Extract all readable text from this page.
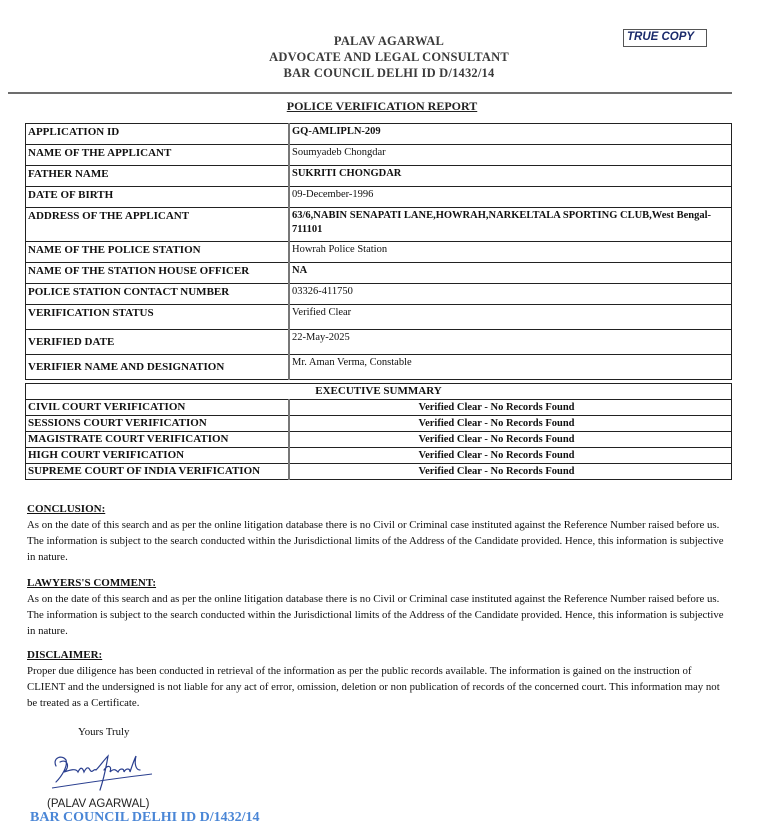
PALAV AGARWAL
ADVOCATE AND LEGAL CONSULTANT
BAR COUNCIL DELHI ID D/1432/14
TRUE COPY
POLICE VERIFICATION REPORT
APPLICATION ID	GQ-AMLIPLN-209
NAME OF THE APPLICANT	Soumyadeb Chongdar
FATHER NAME	SUKRITI CHONGDAR
DATE OF BIRTH	09-December-1996
ADDRESS OF THE APPLICANT	63/6,NABIN SENAPATI LANE,HOWRAH,NARKELTALA SPORTING CLUB,West Bengal-711101
NAME OF THE POLICE STATION	Howrah Police Station
NAME OF THE STATION HOUSE OFFICER	NA
POLICE STATION CONTACT NUMBER	03326-411750
VERIFICATION STATUS	Verified Clear
VERIFIED DATE	22-May-2025
VERIFIER NAME AND DESIGNATION	Mr. Aman Verma, Constable
EXECUTIVE SUMMARY	
CIVIL COURT VERIFICATION	Verified Clear - No Records Found
SESSIONS COURT VERIFICATION	Verified Clear - No Records Found
MAGISTRATE COURT VERIFICATION	Verified Clear - No Records Found
HIGH COURT VERIFICATION	Verified Clear - No Records Found
SUPREME COURT OF INDIA VERIFICATION	Verified Clear - No Records Found
CONCLUSION:
As on the date of this search and as per the online litigation database there is no Civil or Criminal case instituted against the Reference Number raised before us. The information is subject to the search conducted within the Jurisdictional limits of the Address of the Candidate provided. Hence, this information is subjective in nature.
LAWYERS'S COMMENT:
As on the date of this search and as per the online litigation database there is no Civil or Criminal case instituted against the Reference Number raised before us. The information is subject to the search conducted within the Jurisdictional limits of the Address of the Candidate provided. Hence, this information is subjective in nature.
DISCLAIMER:
Proper due diligence has been conducted in retrieval of the information as per the public records available. The information is gained on the instruction of CLIENT and the undersigned is not liable for any act of error, omission, deletion or non publication of records of the concerned court. This information may not be treated as a Certificate.
Yours Truly
(PALAV AGARWAL)
BAR COUNCIL DELHI ID D/1432/14
